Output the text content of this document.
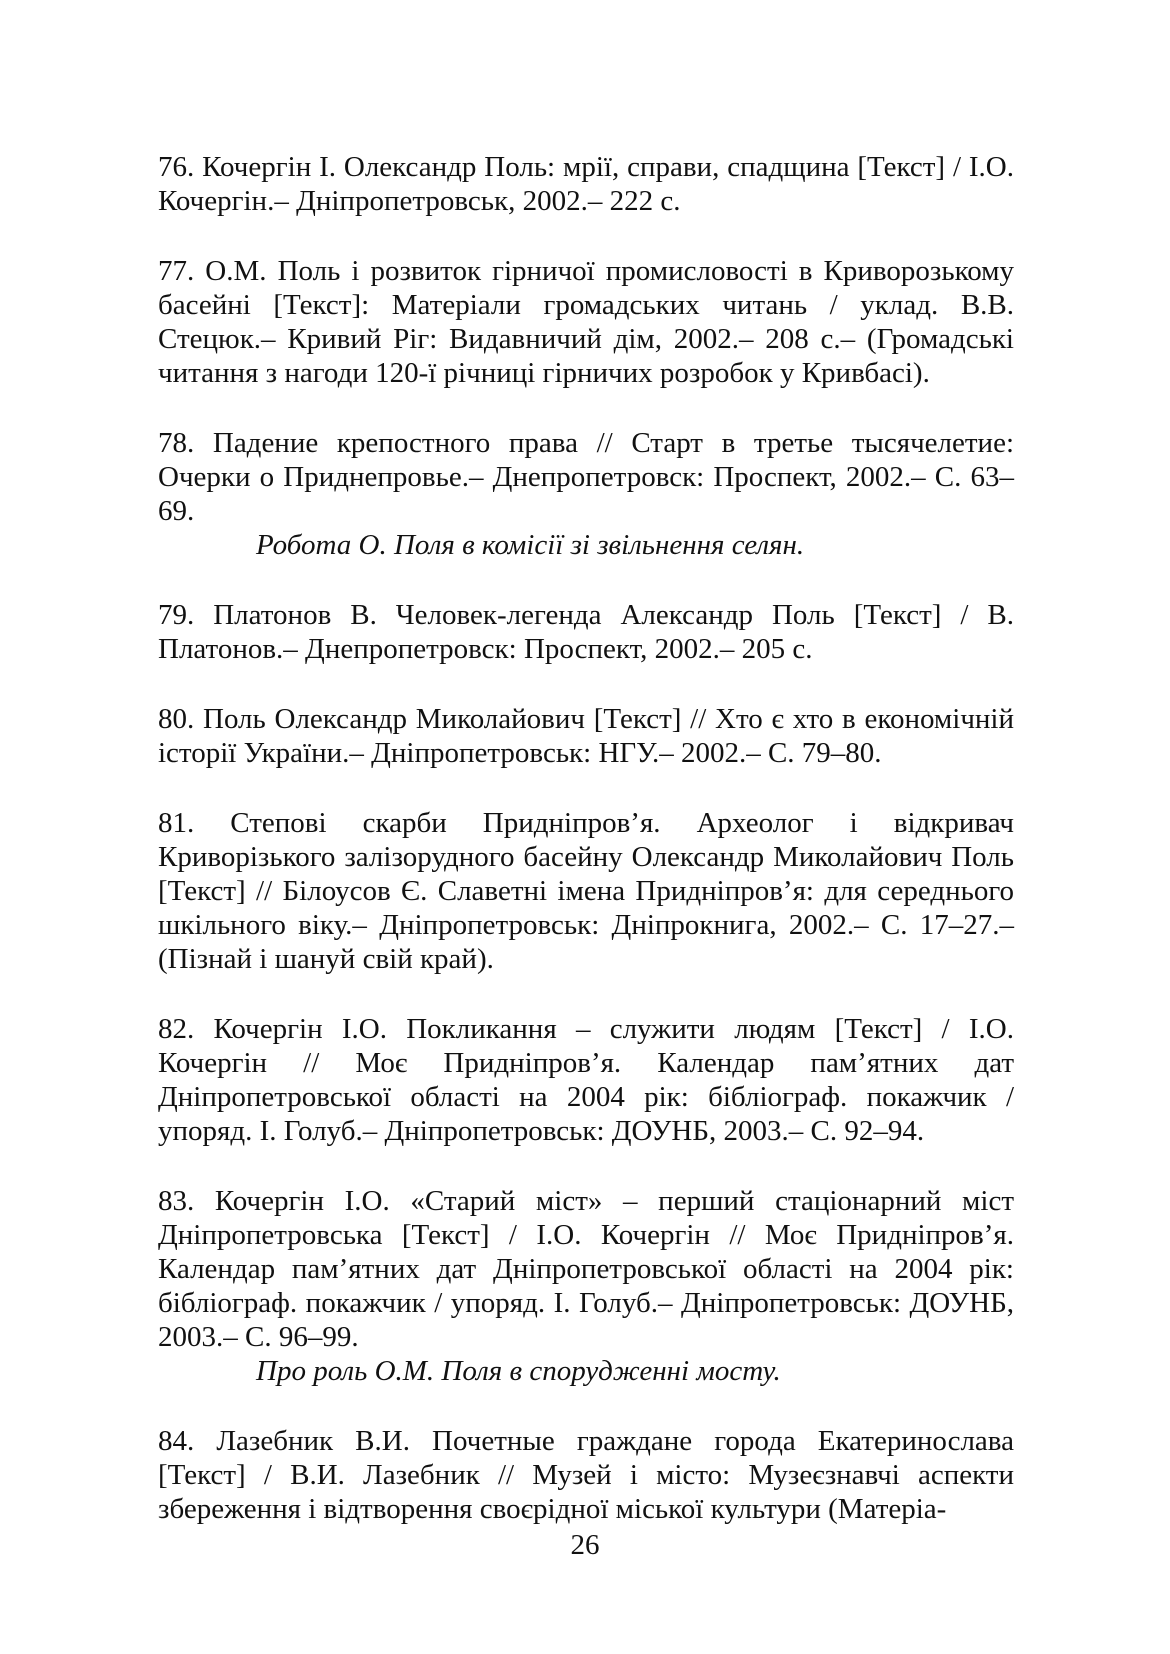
76. Кочергін І. Олександр Поль: мрії, справи, спадщина [Текст] / І.О. Кочергін.– Дніпропетровськ, 2002.– 222 с.

77. О.М. Поль і розвиток гірничої промисловості в Криворозькому басейні [Текст]: Матеріали громадських читань / уклад. В.В. Стецюк.– Кривий Ріг: Видавничий дім, 2002.– 208 с.– (Громадські читання з нагоди 120-ї річниці гірничих розробок у Кривбасі).

78. Падение крепостного права // Старт в третье тысячелетие: Очерки о Приднепровье.– Днепропетровск: Проспект, 2002.– С. 63–69.

Робота О. Поля в комісії зі звільнення селян.

79. Платонов В. Человек-легенда Александр Поль [Текст] / В. Платонов.– Днепропетровск: Проспект, 2002.– 205 с.

80. Поль Олександр Миколайович [Текст] // Хто є хто в економічній історії України.– Дніпропетровськ: НГУ.– 2002.– С. 79–80.

81. Степові скарби Придніпров’я. Археолог і відкривач Криворізького залізорудного басейну Олександр Миколайович Поль [Текст] // Білоусов Є. Славетні імена Придніпров’я: для середнього шкільного віку.– Дніпропетровськ: Дніпрокнига, 2002.– С. 17–27.– (Пізнай і шануй свій край).

82. Кочергін І.О. Покликання – служити людям [Текст] / І.О. Кочергін // Моє Придніпров’я. Календар пам’ятних дат Дніпропетровської області на 2004 рік: бібліограф. покажчик / упоряд. І. Голуб.– Дніпропетровськ: ДОУНБ, 2003.– С. 92–94.

83. Кочергін І.О. «Старий міст» – перший стаціонарний міст Дніпропетровська [Текст] / І.О. Кочергін // Моє Придніпров’я. Календар пам’ятних дат Дніпропетровської області на 2004 рік: бібліограф. покажчик / упоряд. І. Голуб.– Дніпропетровськ: ДОУНБ, 2003.– С. 96–99.

Про роль О.М. Поля в спорудженні мосту.

84. Лазебник В.И. Почетные граждане города Екатеринослава [Текст] / В.И. Лазебник // Музей і місто: Музеєзнавчі аспекти збереження і відтворення своєрідної міської культури (Матеріа-

26
